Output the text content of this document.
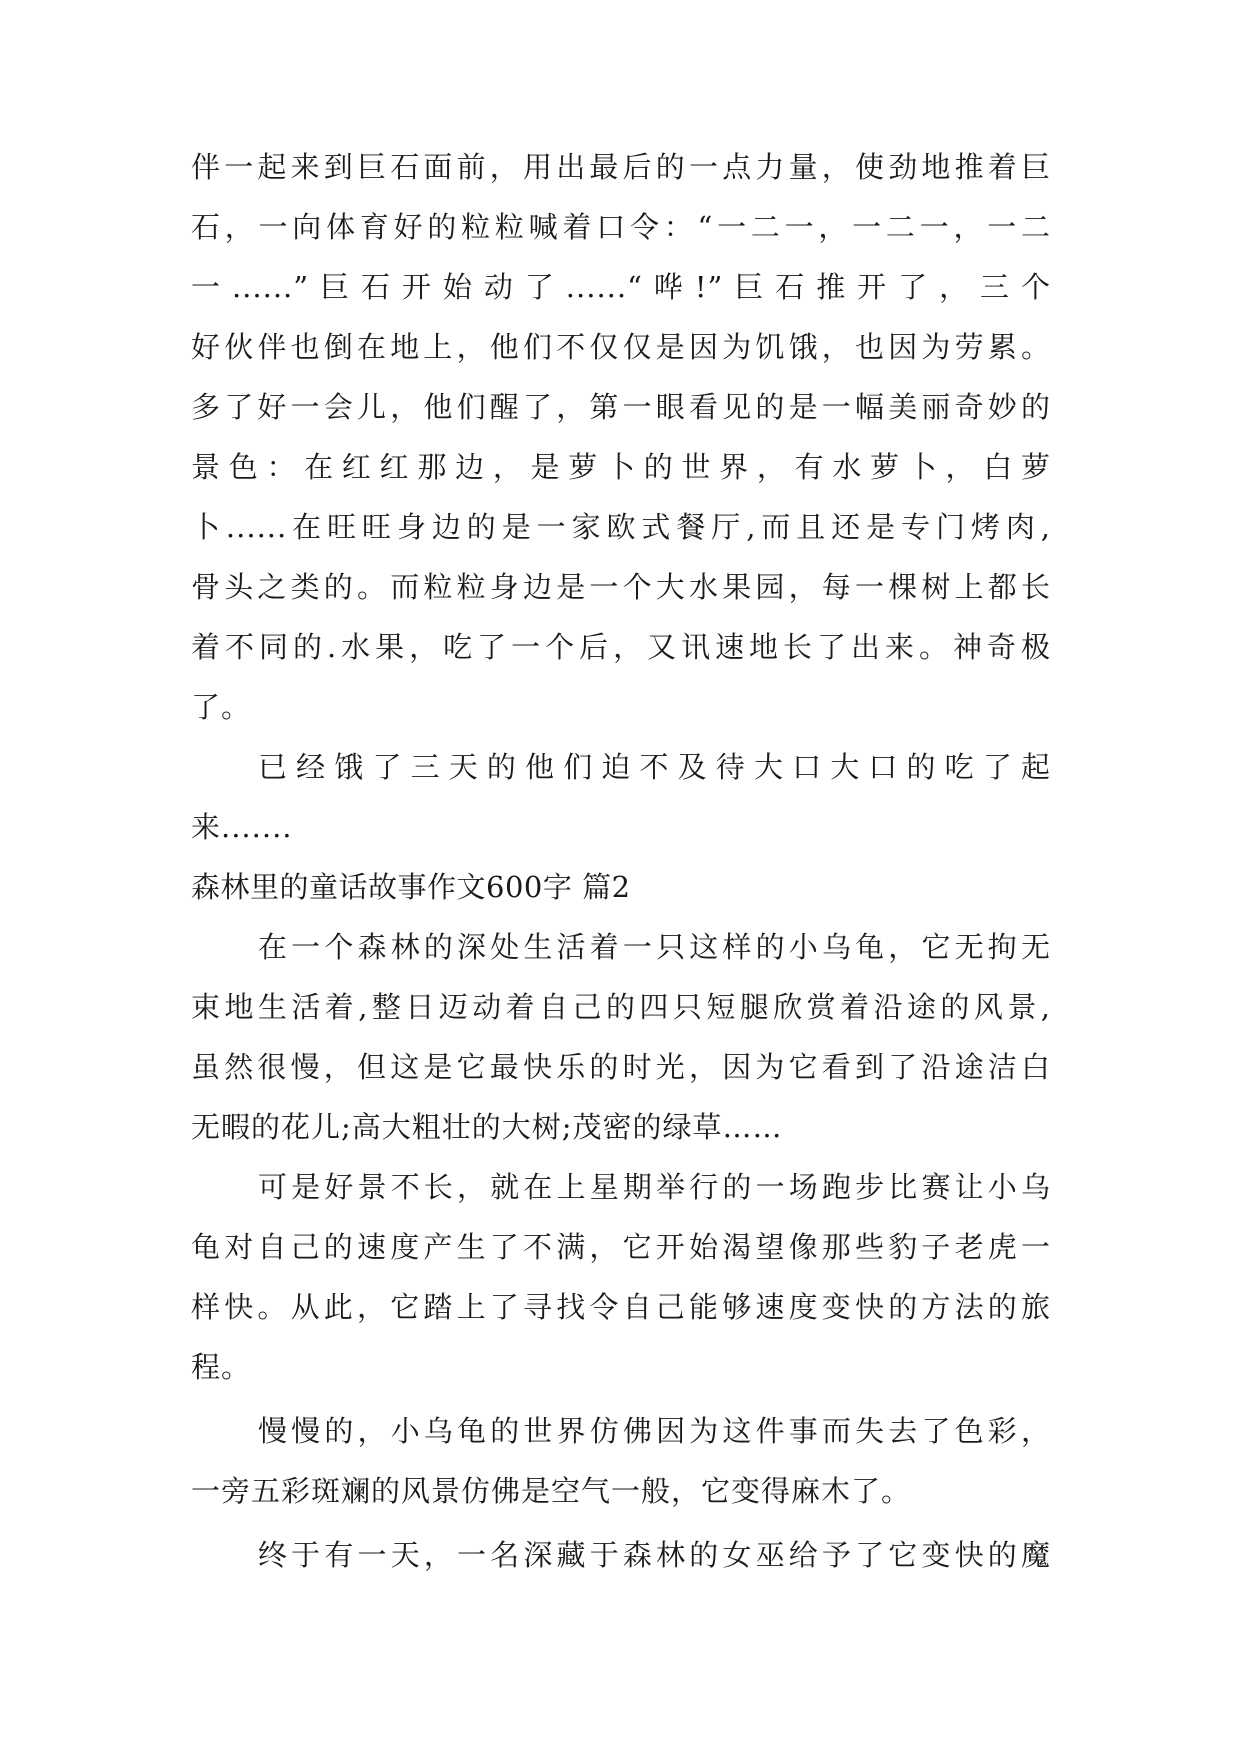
伴一起来到巨石面前，用出最后的一点力量，使劲地推着巨
石，一向体育好的粒粒喊着口令：“一二一，一二一，一二
一......”巨石开始动了......“哗!”巨石推开了，三个
好伙伴也倒在地上，他们不仅仅是因为饥饿，也因为劳累。
多了好一会儿，他们醒了，第一眼看见的是一幅美丽奇妙的
景色：在红红那边，是萝卜的世界，有水萝卜，白萝
卜......在旺旺身边的是一家欧式餐厅,而且还是专门烤肉,
骨头之类的。而粒粒身边是一个大水果园，每一棵树上都长
着不同的.水果，吃了一个后，又讯速地长了出来。神奇极
了。
已经饿了三天的他们迫不及待大口大口的吃了起
来.......
森林里的童话故事作文600字 篇2
在一个森林的深处生活着一只这样的小乌龟，它无拘无
束地生活着,整日迈动着自己的四只短腿欣赏着沿途的风景,
虽然很慢，但这是它最快乐的时光，因为它看到了沿途洁白
无暇的花儿;高大粗壮的大树;茂密的绿草……
可是好景不长，就在上星期举行的一场跑步比赛让小乌
龟对自己的速度产生了不满，它开始渴望像那些豹子老虎一
样快。从此，它踏上了寻找令自己能够速度变快的方法的旅
程。
慢慢的，小乌龟的世界仿佛因为这件事而失去了色彩，
一旁五彩斑斓的风景仿佛是空气一般，它变得麻木了。
终于有一天，一名深藏于森林的女巫给予了它变快的魔
